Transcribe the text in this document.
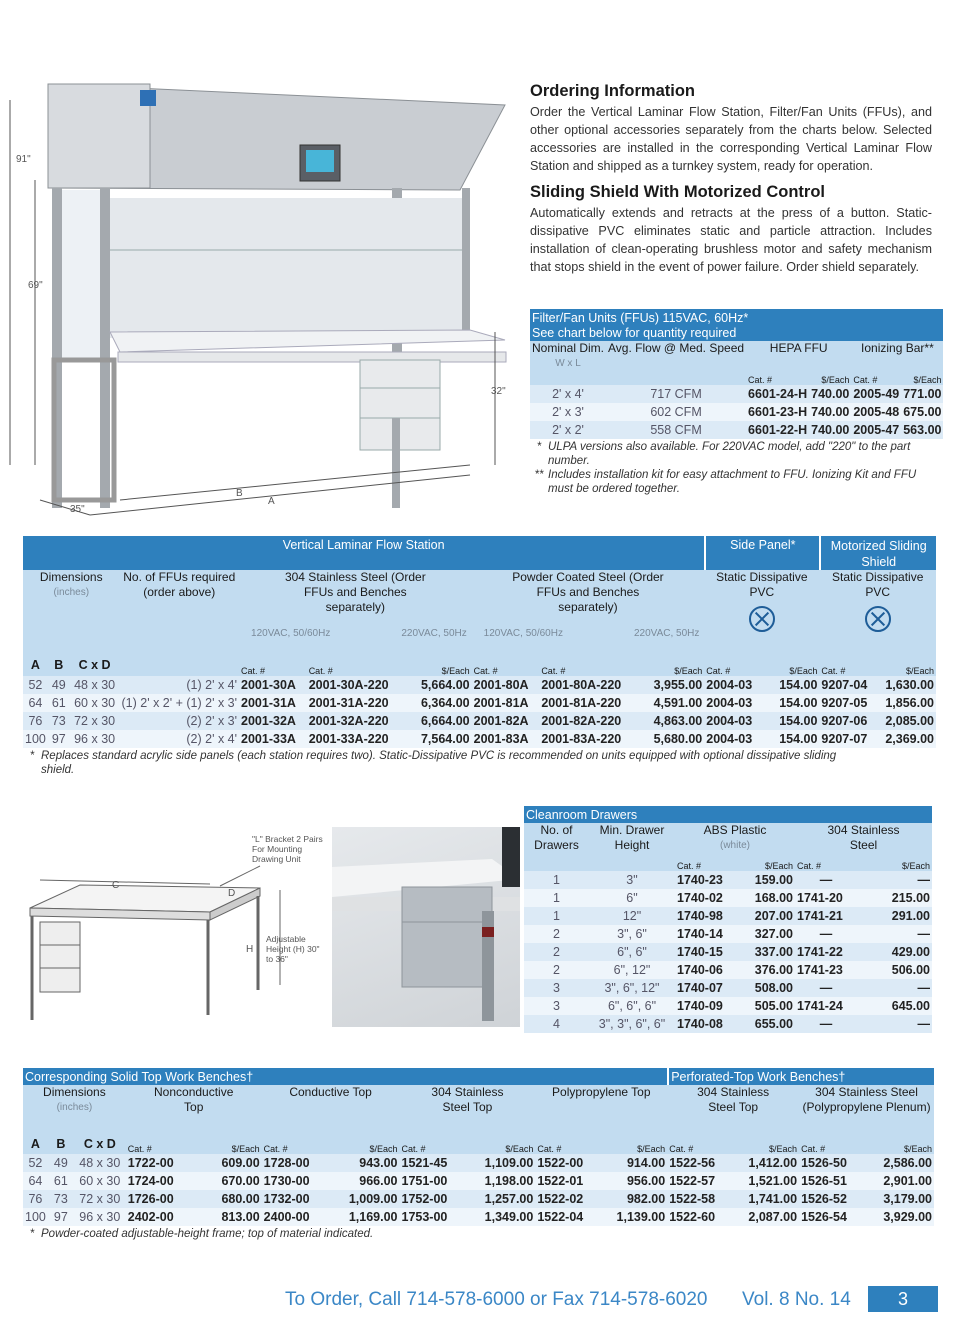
91"
69"
32"
35"
B
A
Ordering Information

Order the Vertical Laminar Flow Station, Filter/Fan Units (FFUs), and other optional accessories separately from the charts below. Selected accessories are installed in the corresponding Vertical Laminar Flow Station and shipped as a turnkey system, ready for operation.

Sliding Shield With Motorized Control

Automatically extends and retracts at the press of a button. Static-dissipative PVC eliminates static and particle attraction. Includes installation of clean-operating brushless motor and safety mechanism that stops shield in the event of power failure. Order shield separately.

Filter/Fan Units (FFUs) 115VAC, 60Hz*
See chart below for quantity required					

Nominal Dim.
W x L	Avg. Flow @ Med. Speed	HEPA FFU		Ionizing Bar**	
		Cat. #	$/Each	Cat. #	$/Each
2' x 4'	717 CFM	6601-24-H	740.00	2005-49	771.00
2' x 3'	602 CFM	6601-23-H	740.00	2005-48	675.00
2' x 2'	558 CFM	6601-22-H	740.00	2005-47	563.00
* ULPA versions also available. For 220VAC model, add "220" to the part number.
** Includes installation kit for easy attachment to FFU. Ionizing Kit and FFU must be ordered together.
Vertical Laminar Flow Station										Side Panel*		Motorized Sliding Shield	
Dimensions
(inches)			No. of FFUs required (order above)	304 Stainless Steel (Order FFUs and Benches separately)			Powder Coated Steel (Order FFUs and Benches separately)			Static Dissipative PVC		Static Dissipative PVC	

				120VAC, 50/60Hz		220VAC, 50Hz	120VAC, 50/60Hz		220VAC, 50Hz				
A	B	C x D		Cat. #	Cat. #	$/Each	Cat. #	Cat. #	$/Each	Cat. #	$/Each	Cat. #	$/Each
52	49	48 x 30	(1) 2' x 4'	2001-30A	2001-30A-220	5,664.00	2001-80A	2001-80A-220	3,955.00	2004-03	154.00	9207-04	1,630.00
64	61	60 x 30	(1) 2' x 2' + (1) 2' x 3'	2001-31A	2001-31A-220	6,364.00	2001-81A	2001-81A-220	4,591.00	2004-03	154.00	9207-05	1,856.00
76	73	72 x 30	(2) 2' x 3'	2001-32A	2001-32A-220	6,664.00	2001-82A	2001-82A-220	4,863.00	2004-03	154.00	9207-06	2,085.00
100	97	96 x 30	(2) 2' x 4'	2001-33A	2001-33A-220	7,564.00	2001-83A	2001-83A-220	5,680.00	2004-03	154.00	9207-07	2,369.00
* Replaces standard acrylic side panels (each station requires two). Static-Dissipative PVC is recommended on units equipped with optional dissipative sliding shield.
C
D
H
"L" Bracket 2 Pairs For Mounting Drawing Unit
Adjustable Height (H) 30" to 36"
Cleanroom Drawers					
No. of Drawers	Min. Drawer Height	ABS Plastic
(white)		304 Stainless Steel	
		Cat. #	$/Each	Cat. #	$/Each
1	3"	1740-23	159.00	—	—
1	6"	1740-02	168.00	1741-20	215.00
1	12"	1740-98	207.00	1741-21	291.00
2	3", 6"	1740-14	327.00	—	—
2	6", 6"	1740-15	337.00	1741-22	429.00
2	6", 12"	1740-06	376.00	1741-23	506.00
3	3", 6", 12"	1740-07	508.00	—	—
3	6", 6", 6"	1740-09	505.00	1741-24	645.00
4	3", 3", 6", 6"	1740-08	655.00	—	—
Corresponding Solid Top Work Benches†											Perforated-Top Work Benches†			
Dimensions
(inches)			Nonconductive Top		Conductive Top		304 Stainless Steel Top		Polypropylene Top		304 Stainless Steel Top		304 Stainless Steel (Polypropylene Plenum)	
A	B	C x D	Cat. #	$/Each	Cat. #	$/Each	Cat. #	$/Each	Cat. #	$/Each	Cat. #	$/Each	Cat. #	$/Each
52	49	48 x 30	1722-00	609.00	1728-00	943.00	1521-45	1,109.00	1522-00	914.00	1522-56	1,412.00	1526-50	2,586.00
64	61	60 x 30	1724-00	670.00	1730-00	966.00	1751-00	1,198.00	1522-01	956.00	1522-57	1,521.00	1526-51	2,901.00
76	73	72 x 30	1726-00	680.00	1732-00	1,009.00	1752-00	1,257.00	1522-02	982.00	1522-58	1,741.00	1526-52	3,179.00
100	97	96 x 30	2402-00	813.00	2400-00	1,169.00	1753-00	1,349.00	1522-04	1,139.00	1522-60	2,087.00	1526-54	3,929.00
* Powder-coated adjustable-height frame; top of material indicated.
To Order, Call 714-578-6000 or Fax 714-578-6020 Vol. 8 No. 14	3
